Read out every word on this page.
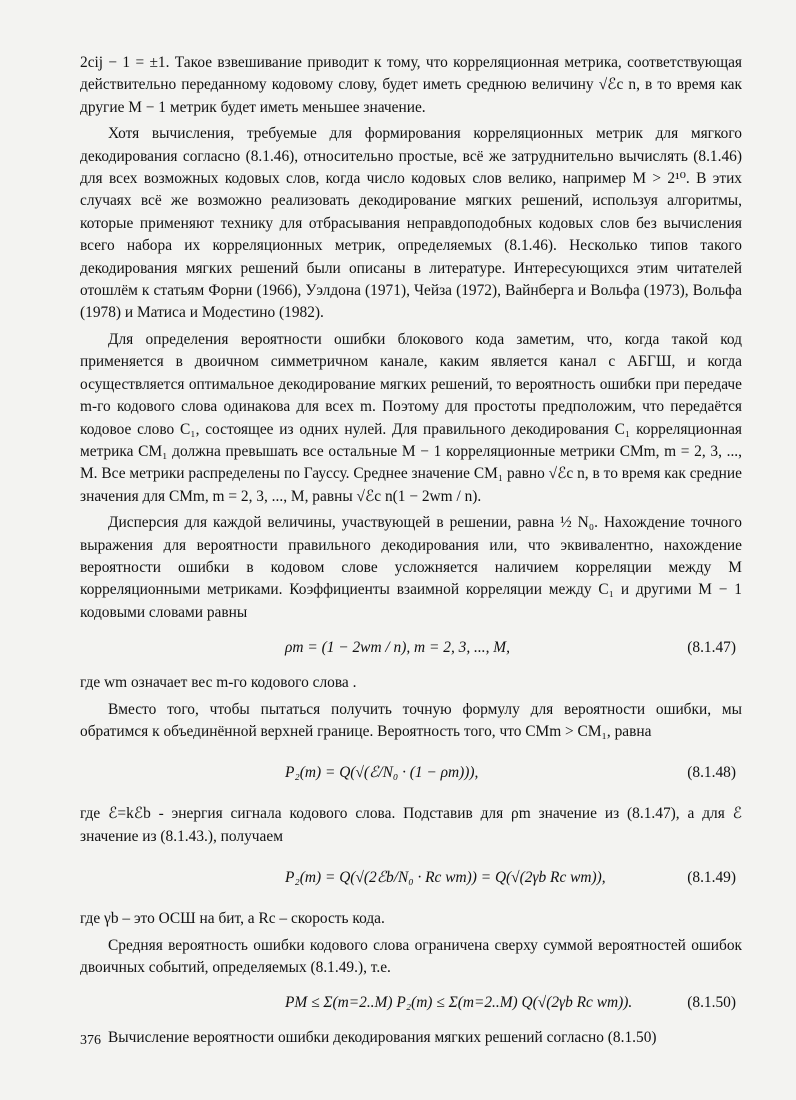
2cij − 1 = ±1. Такое взвешивание приводит к тому, что корреляционная метрика, соответствующая действительно переданному кодовому слову, будет иметь среднюю величину √ℰc n, в то время как другие M − 1 метрик будет иметь меньшее значение.

Хотя вычисления, требуемые для формирования корреляционных метрик для мягкого декодирования согласно (8.1.46), относительно простые, всё же затруднительно вычислять (8.1.46) для всех возможных кодовых слов, когда число кодовых слов велико, например M > 2¹⁰. В этих случаях всё же возможно реализовать декодирование мягких решений, используя алгоритмы, которые применяют технику для отбрасывания неправдоподобных кодовых слов без вычисления всего набора их корреляционных метрик, определяемых (8.1.46). Несколько типов такого декодирования мягких решений были описаны в литературе. Интересующихся этим читателей отошлём к статьям Форни (1966), Уэлдона (1971), Чейза (1972), Вайнберга и Вольфа (1973), Вольфа (1978) и Матиса и Модестино (1982).

Для определения вероятности ошибки блокового кода заметим, что, когда такой код применяется в двоичном симметричном канале, каким является канал с АБГШ, и когда осуществляется оптимальное декодирование мягких решений, то вероятность ошибки при передаче m-го кодового слова одинакова для всех m. Поэтому для простоты предположим, что передаётся кодовое слово C₁, состоящее из одних нулей. Для правильного декодирования C₁ корреляционная метрика CM₁ должна превышать все остальные M − 1 корреляционные метрики CMm, m = 2, 3, ..., M. Все метрики распределены по Гауссу. Среднее значение CM₁ равно √ℰc n, в то время как средние значения для CMm, m = 2, 3, ..., M, равны √ℰc n(1 − 2wm / n).

Дисперсия для каждой величины, участвующей в решении, равна ½ N₀. Нахождение точного выражения для вероятности правильного декодирования или, что эквивалентно, нахождение вероятности ошибки в кодовом слове усложняется наличием корреляции между M корреляционными метриками. Коэффициенты взаимной корреляции между C₁ и другими M − 1 кодовыми словами равны

ρm = (1 − 2wm / n), m = 2, 3, ..., M,	(8.1.47)

где wm означает вес m-го кодового слова .

Вместо того, чтобы пытаться получить точную формулу для вероятности ошибки, мы обратимся к объединённой верхней границе. Вероятность того, что CMm > CM₁, равна

P₂(m) = Q(√(ℰ/N₀ · (1 − ρm))),	(8.1.48)

где ℰ=kℰb - энергия сигнала кодового слова. Подставив для ρm значение из (8.1.47), а для ℰ значение из (8.1.43.), получаем

P₂(m) = Q(√(2ℰb/N₀ · Rc wm)) = Q(√(2γb Rc wm)),	(8.1.49)

где γb – это ОСШ на бит, а Rc – скорость кода.

Средняя вероятность ошибки кодового слова ограничена сверху суммой вероятностей ошибок двоичных событий, определяемых (8.1.49.), т.е.

PM ≤ Σ(m=2..M) P₂(m) ≤ Σ(m=2..M) Q(√(2γb Rc wm)).	(8.1.50)

Вычисление вероятности ошибки декодирования мягких решений согласно (8.1.50)

376
